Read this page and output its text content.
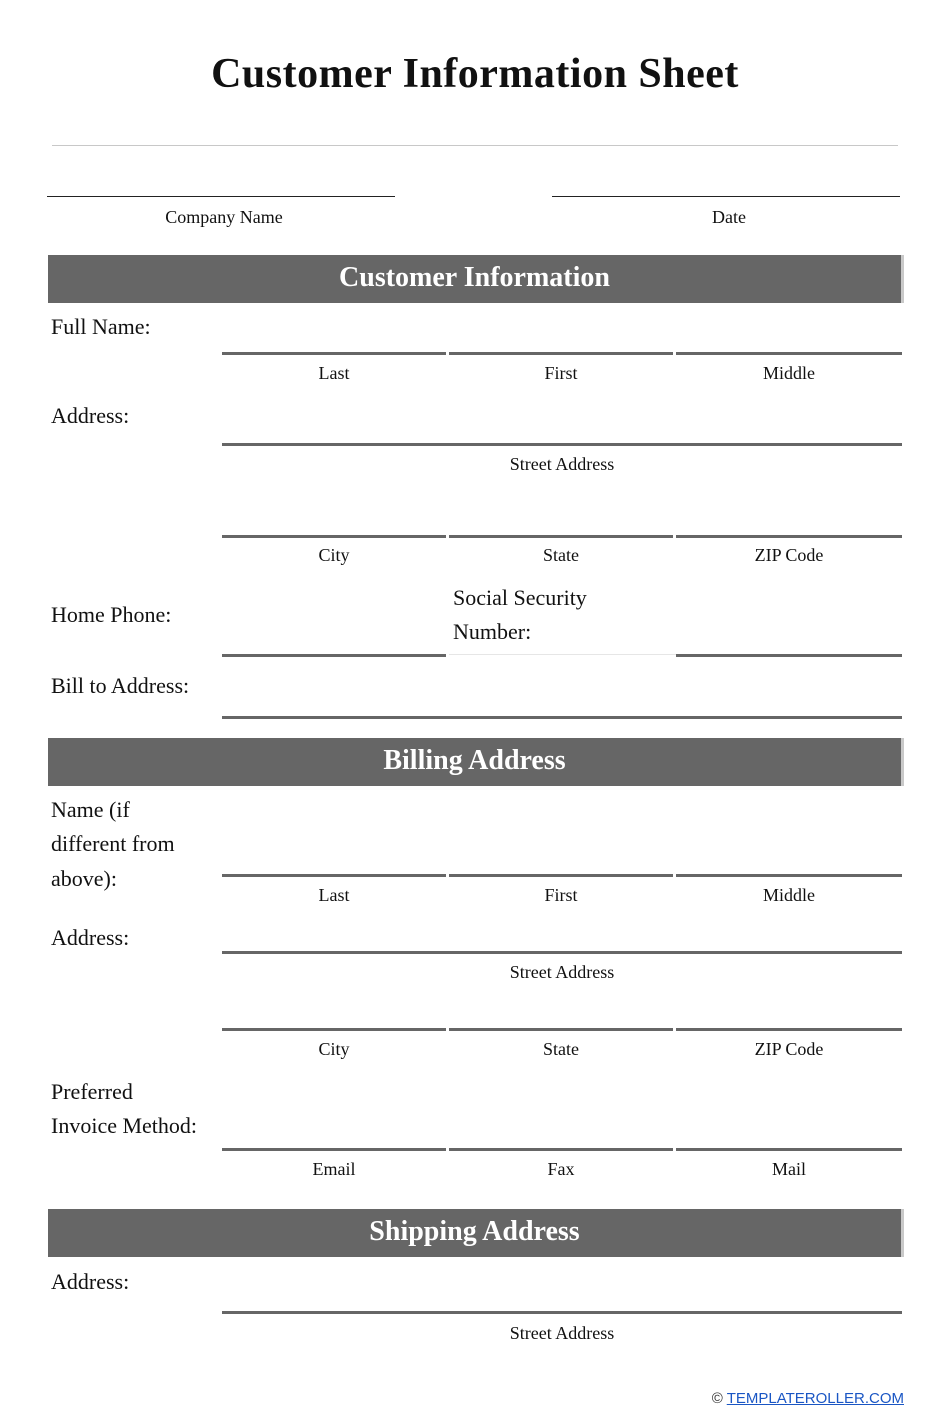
Customer Information Sheet
Company Name	Date
Customer Information
Full Name:
Last	First	Middle
Address:
Street Address
City	State	ZIP Code
Home Phone:
Social Security
Number:
Bill to Address:
Billing Address
Name (if
different from
above):
Last	First	Middle
Address:
Street Address
City	State	ZIP Code
Preferred
Invoice Method:
Email	Fax	Mail
Shipping Address
Address:
Street Address
© TEMPLATEROLLER.COM
